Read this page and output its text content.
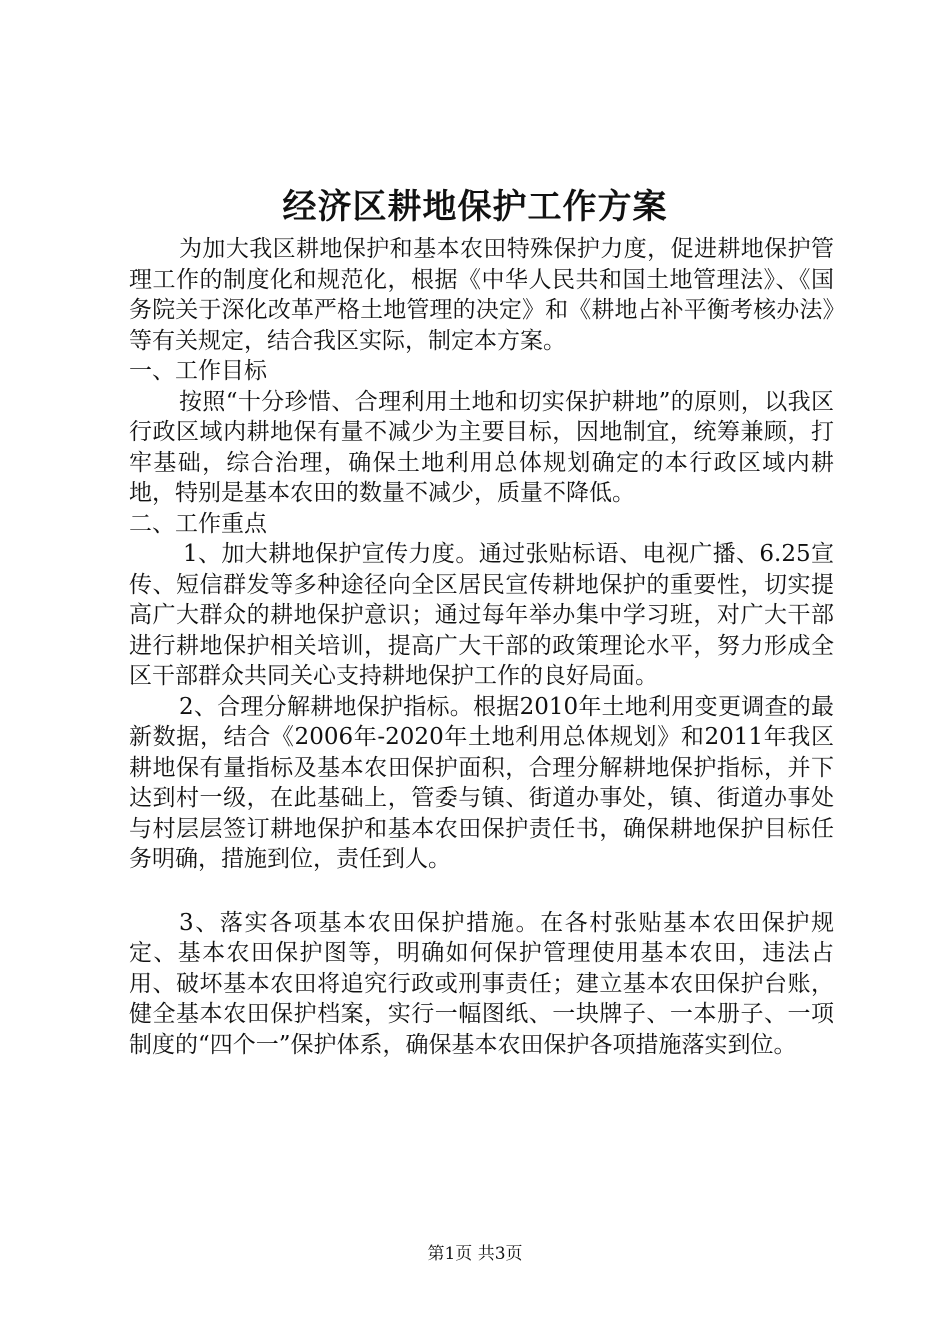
经济区耕地保护工作方案

为加大我区耕地保护和基本农田特殊保护力度，促进耕地保护管理工作的制度化和规范化，根据《中华人民共和国土地管理法》、《国务院关于深化改革严格土地管理的决定》和《耕地占补平衡考核办法》等有关规定，结合我区实际，制定本方案。

一、工作目标

按照“十分珍惜、合理利用土地和切实保护耕地”的原则，以我区行政区域内耕地保有量不减少为主要目标，因地制宜，统筹兼顾，打牢基础，综合治理，确保土地利用总体规划确定的本行政区域内耕地，特别是基本农田的数量不减少，质量不降低。

二、工作重点

1、加大耕地保护宣传力度。通过张贴标语、电视广播、6.25宣传、短信群发等多种途径向全区居民宣传耕地保护的重要性，切实提高广大群众的耕地保护意识；通过每年举办集中学习班，对广大干部进行耕地保护相关培训，提高广大干部的政策理论水平，努力形成全区干部群众共同关心支持耕地保护工作的良好局面。

2、合理分解耕地保护指标。根据2010年土地利用变更调查的最新数据，结合《2006年-2020年土地利用总体规划》和2011年我区耕地保有量指标及基本农田保护面积，合理分解耕地保护指标，并下达到村一级，在此基础上，管委与镇、街道办事处，镇、街道办事处与村层层签订耕地保护和基本农田保护责任书，确保耕地保护目标任务明确，措施到位，责任到人。

3、落实各项基本农田保护措施。在各村张贴基本农田保护规定、基本农田保护图等，明确如何保护管理使用基本农田，违法占用、破坏基本农田将追究行政或刑事责任；建立基本农田保护台账，健全基本农田保护档案，实行一幅图纸、一块牌子、一本册子、一项制度的“四个一”保护体系，确保基本农田保护各项措施落实到位。

第1页 共3页
